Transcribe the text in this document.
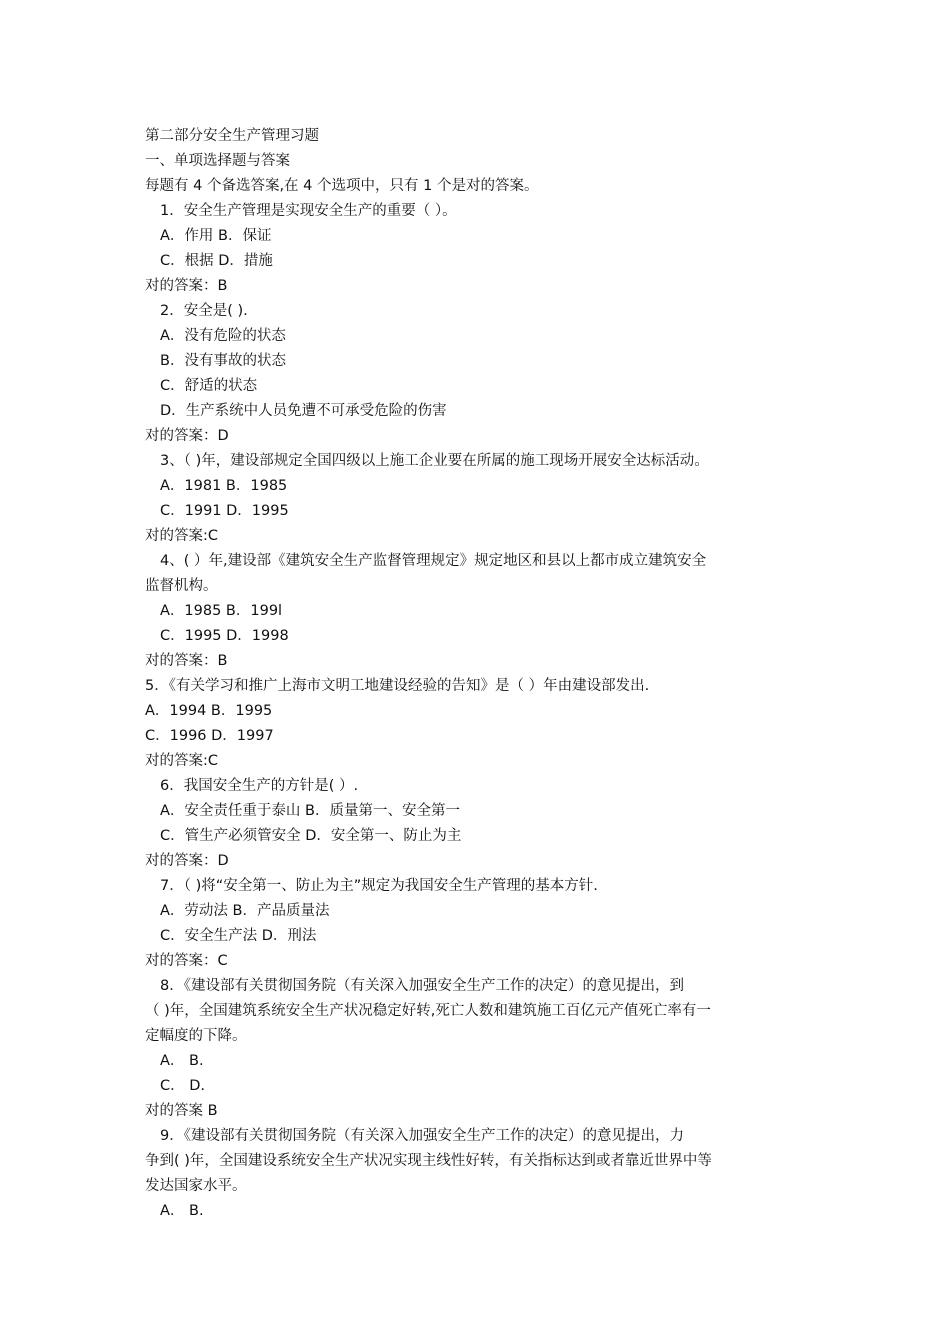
第二部分安全生产管理习题
一、单项选择题与答案
每题有 4 个备选答案,在 4 个选项中，只有 1 个是对的答案。
1．安全生产管理是实现安全生产的重要（ ）。
A．作用 B．保证
C．根据 D．措施
对的答案：B
2．安全是( ).
A．没有危险的状态
B．没有事故的状态
C．舒适的状态
D．生产系统中人员免遭不可承受危险的伤害
对的答案：D
3、（ )年，建设部规定全国四级以上施工企业要在所属的施工现场开展安全达标活动。
A．1981 B．1985
C．1991 D．1995
对的答案:C
4、( ）年,建设部《建筑安全生产监督管理规定》规定地区和县以上都市成立建筑安全
监督机构。
A．1985 B．199l
C．1995 D．1998
对的答案：B
5．《有关学习和推广上海市文明工地建设经验的告知》是（ ）年由建设部发出.
A．1994 B．1995
C．1996 D．1997
对的答案:C
6．我国安全生产的方针是( ）.
A．安全责任重于泰山 B．质量第一、安全第一
C．管生产必须管安全 D．安全第一、防止为主
对的答案：D
7．（ )将“安全第一、防止为主”规定为我国安全生产管理的基本方针.
A．劳动法 B．产品质量法
C．安全生产法 D．刑法
对的答案：C
8．《建设部有关贯彻国务院（有关深入加强安全生产工作的决定）的意见提出，到
（ )年，全国建筑系统安全生产状况稳定好转,死亡人数和建筑施工百亿元产值死亡率有一
定幅度的下降。
A． B.
C． D.
对的答案 B
9．《建设部有关贯彻国务院（有关深入加强安全生产工作的决定）的意见提出，力
争到( )年，全国建设系统安全生产状况实现主线性好转，有关指标达到或者靠近世界中等
发达国家水平。
A． B.
